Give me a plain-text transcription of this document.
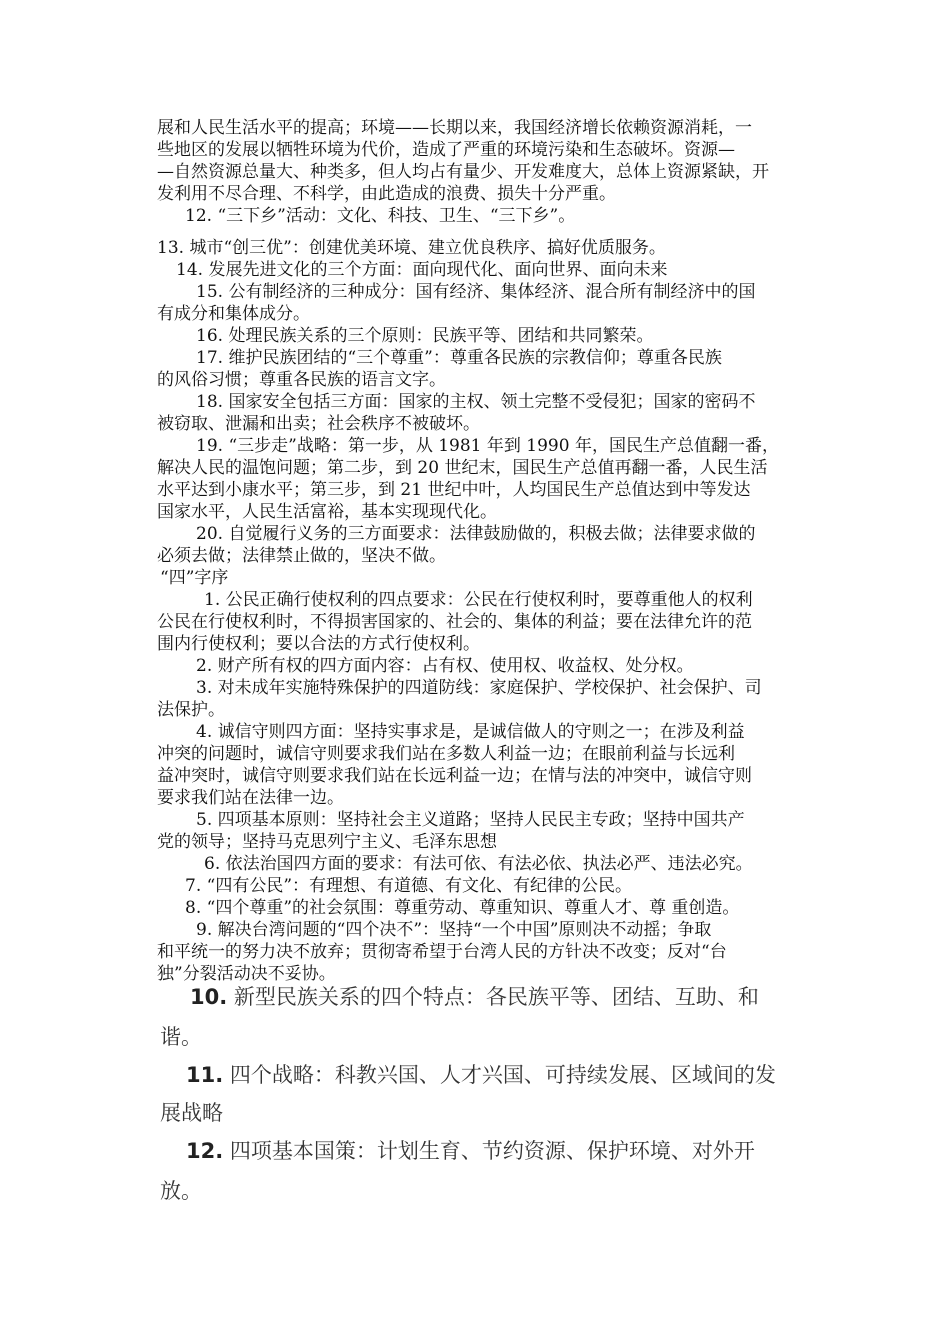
展和人民生活水平的提高；环境——长期以来，我国经济增长依赖资源消耗，一

些地区的发展以牺牲环境为代价，造成了严重的环境污染和生态破坏。资源—

—自然资源总量大、种类多，但人均占有量少、开发难度大，总体上资源紧缺，开

发利用不尽合理、不科学，由此造成的浪费、损失十分严重。

12. “三下乡”活动：文化、科技、卫生、“三下乡”。

13. 城市“创三优”：创建优美环境、建立优良秩序、搞好优质服务。

14. 发展先进文化的三个方面：面向现代化、面向世界、面向未来

15. 公有制经济的三种成分：国有经济、集体经济、混合所有制经济中的国

有成分和集体成分。

16. 处理民族关系的三个原则：民族平等、团结和共同繁荣。

17. 维护民族团结的“三个尊重”：尊重各民族的宗教信仰；尊重各民族

的风俗习惯；尊重各民族的语言文字。

18. 国家安全包括三方面：国家的主权、领土完整不受侵犯；国家的密码不

被窃取、泄漏和出卖；社会秩序不被破坏。

19. “三步走”战略：第一步，从 1981 年到 1990 年，国民生产总值翻一番，

解决人民的温饱问题；第二步，到 20 世纪末，国民生产总值再翻一番，人民生活

水平达到小康水平；第三步，到 21 世纪中叶，人均国民生产总值达到中等发达

国家水平，人民生活富裕，基本实现现代化。

20. 自觉履行义务的三方面要求：法律鼓励做的，积极去做；法律要求做的

必须去做；法律禁止做的，坚决不做。

“四”字序

1. 公民正确行使权利的四点要求：公民在行使权利时，要尊重他人的权利

公民在行使权利时，不得损害国家的、社会的、集体的利益；要在法律允许的范

围内行使权利；要以合法的方式行使权利。

2. 财产所有权的四方面内容：占有权、使用权、收益权、处分权。

3. 对未成年实施特殊保护的四道防线：家庭保护、学校保护、社会保护、司

法保护。

4. 诚信守则四方面：坚持实事求是，是诚信做人的守则之一；在涉及利益

冲突的问题时，诚信守则要求我们站在多数人利益一边；在眼前利益与长远利

益冲突时，诚信守则要求我们站在长远利益一边；在情与法的冲突中，诚信守则

要求我们站在法律一边。

5. 四项基本原则：坚持社会主义道路；坚持人民民主专政；坚持中国共产

党的领导；坚持马克思列宁主义、毛泽东思想

6. 依法治国四方面的要求：有法可依、有法必依、执法必严、违法必究。

7. “四有公民”：有理想、有道德、有文化、有纪律的公民。

8. “四个尊重”的社会氛围：尊重劳动、尊重知识、尊重人才、尊 重创造。

9. 解决台湾问题的“四个决不”：坚持“一个中国”原则决不动摇；争取

和平统一的努力决不放弃；贯彻寄希望于台湾人民的方针决不改变；反对“台

独”分裂活动决不妥协。

10. 新型民族关系的四个特点：各民族平等、团结、互助、和

谐。

11. 四个战略：科教兴国、人才兴国、可持续发展、区域间的发

展战略

12. 四项基本国策：计划生育、节约资源、保护环境、对外开

放。
